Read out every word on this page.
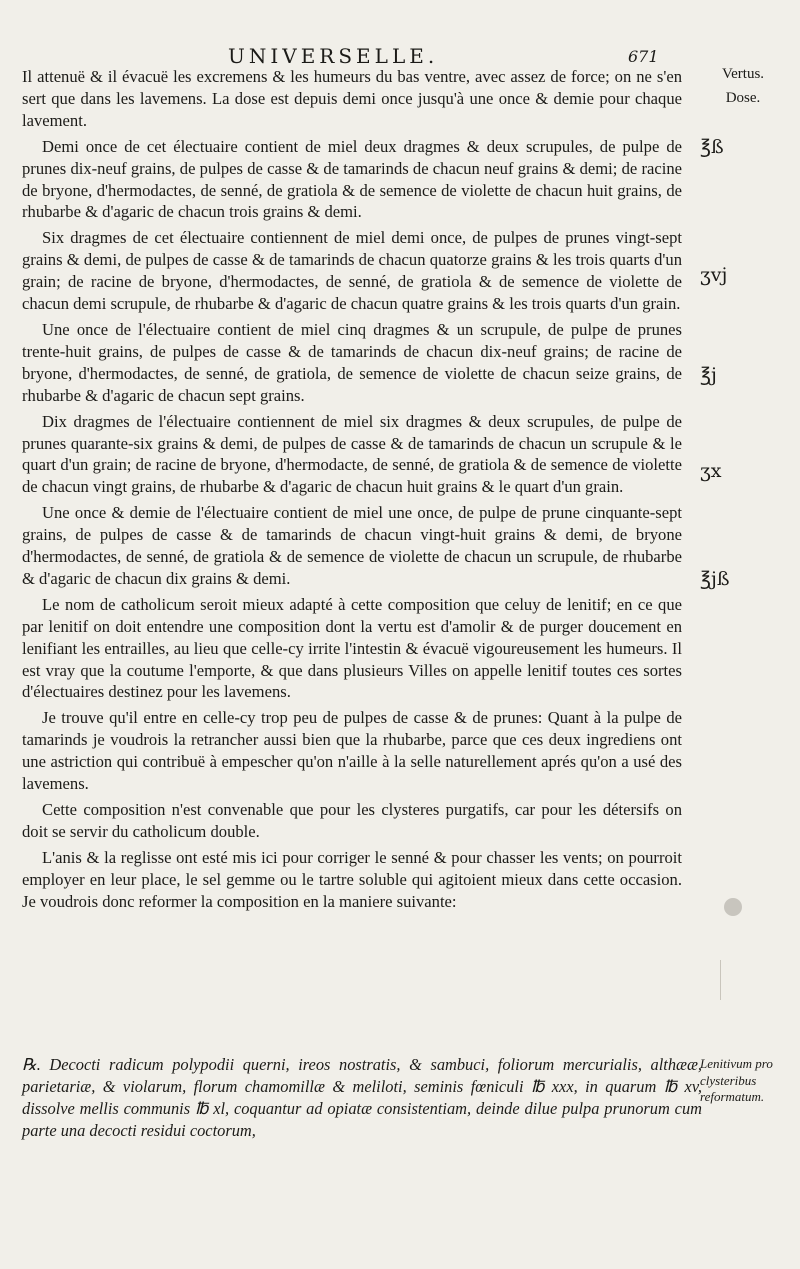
UNIVERSELLE.	671
Vertus.
Dose.
℥ß
ʒvj
℥j
ʒx
℥jß

Il attenuë & il évacuë les excremens & les humeurs du bas ventre, avec assez de force; on ne s'en sert que dans les lavemens. La dose est depuis demi once jusqu'à une once & demie pour chaque lavement.

Demi once de cet électuaire contient de miel deux dragmes & deux scrupules, de pulpe de prunes dix-neuf grains, de pulpes de casse & de tamarinds de chacun neuf grains & demi; de racine de bryone, d'hermodactes, de senné, de gratiola & de semence de violette de chacun huit grains, de rhubarbe & d'agaric de chacun trois grains & demi.

Six dragmes de cet électuaire contiennent de miel demi once, de pulpes de prunes vingt-sept grains & demi, de pulpes de casse & de tamarinds de chacun quatorze grains & les trois quarts d'un grain; de racine de bryone, d'hermodactes, de senné, de gratiola & de semence de violette de chacun demi scrupule, de rhubarbe & d'agaric de chacun quatre grains & les trois quarts d'un grain.

Une once de l'électuaire contient de miel cinq dragmes & un scrupule, de pulpe de prunes trente-huit grains, de pulpes de casse & de tamarinds de chacun dix-neuf grains; de racine de bryone, d'hermodactes, de senné, de gratiola, de semence de violette de chacun seize grains, de rhubarbe & d'agaric de chacun sept grains.

Dix dragmes de l'électuaire contiennent de miel six dragmes & deux scrupules, de pulpe de prunes quarante-six grains & demi, de pulpes de casse & de tamarinds de chacun un scrupule & le quart d'un grain; de racine de bryone, d'hermodacte, de senné, de gratiola & de semence de violette de chacun vingt grains, de rhubarbe & d'agaric de chacun huit grains & le quart d'un grain.

Une once & demie de l'électuaire contient de miel une once, de pulpe de prune cinquante-sept grains, de pulpes de casse & de tamarinds de chacun vingt-huit grains & demi, de bryone d'hermodactes, de senné, de gratiola & de semence de violette de chacun un scrupule, de rhubarbe & d'agaric de chacun dix grains & demi.

Le nom de catholicum seroit mieux adapté à cette composition que celuy de lenitif; en ce que par lenitif on doit entendre une composition dont la vertu est d'amolir & de purger doucement en lenifiant les entrailles, au lieu que celle-cy irrite l'intestin & évacuë vigoureusement les humeurs. Il est vray que la coutume l'emporte, & que dans plusieurs Villes on appelle lenitif toutes ces sortes d'électuaires destinez pour les lavemens.

Je trouve qu'il entre en celle-cy trop peu de pulpes de casse & de prunes: Quant à la pulpe de tamarinds je voudrois la retrancher aussi bien que la rhubarbe, parce que ces deux ingrediens ont une astriction qui contribuë à empescher qu'on n'aille à la selle naturellement aprés qu'on a usé des lavemens.

Cette composition n'est convenable que pour les clysteres purgatifs, car pour les détersifs on doit se servir du catholicum double.

L'anis & la reglisse ont esté mis ici pour corriger le senné & pour chasser les vents; on pourroit employer en leur place, le sel gemme ou le tartre soluble qui agitoient mieux dans cette occasion. Je voudrois donc reformer la composition en la maniere suivante:

℞. Decocti radicum polypodii querni, ireos nostratis, & sambuci, foliorum mercurialis, althææ, parietariæ, & violarum, florum chamomillæ & meliloti, seminis fœniculi ℔ xxx, in quarum ℔ xv, dissolve mellis communis ℔ xl, coquantur ad opiatæ consistentiam, deinde dilue pulpa prunorum cum parte una decocti residui coctorum,
Lenitivum pro clysteribus reformatum.
